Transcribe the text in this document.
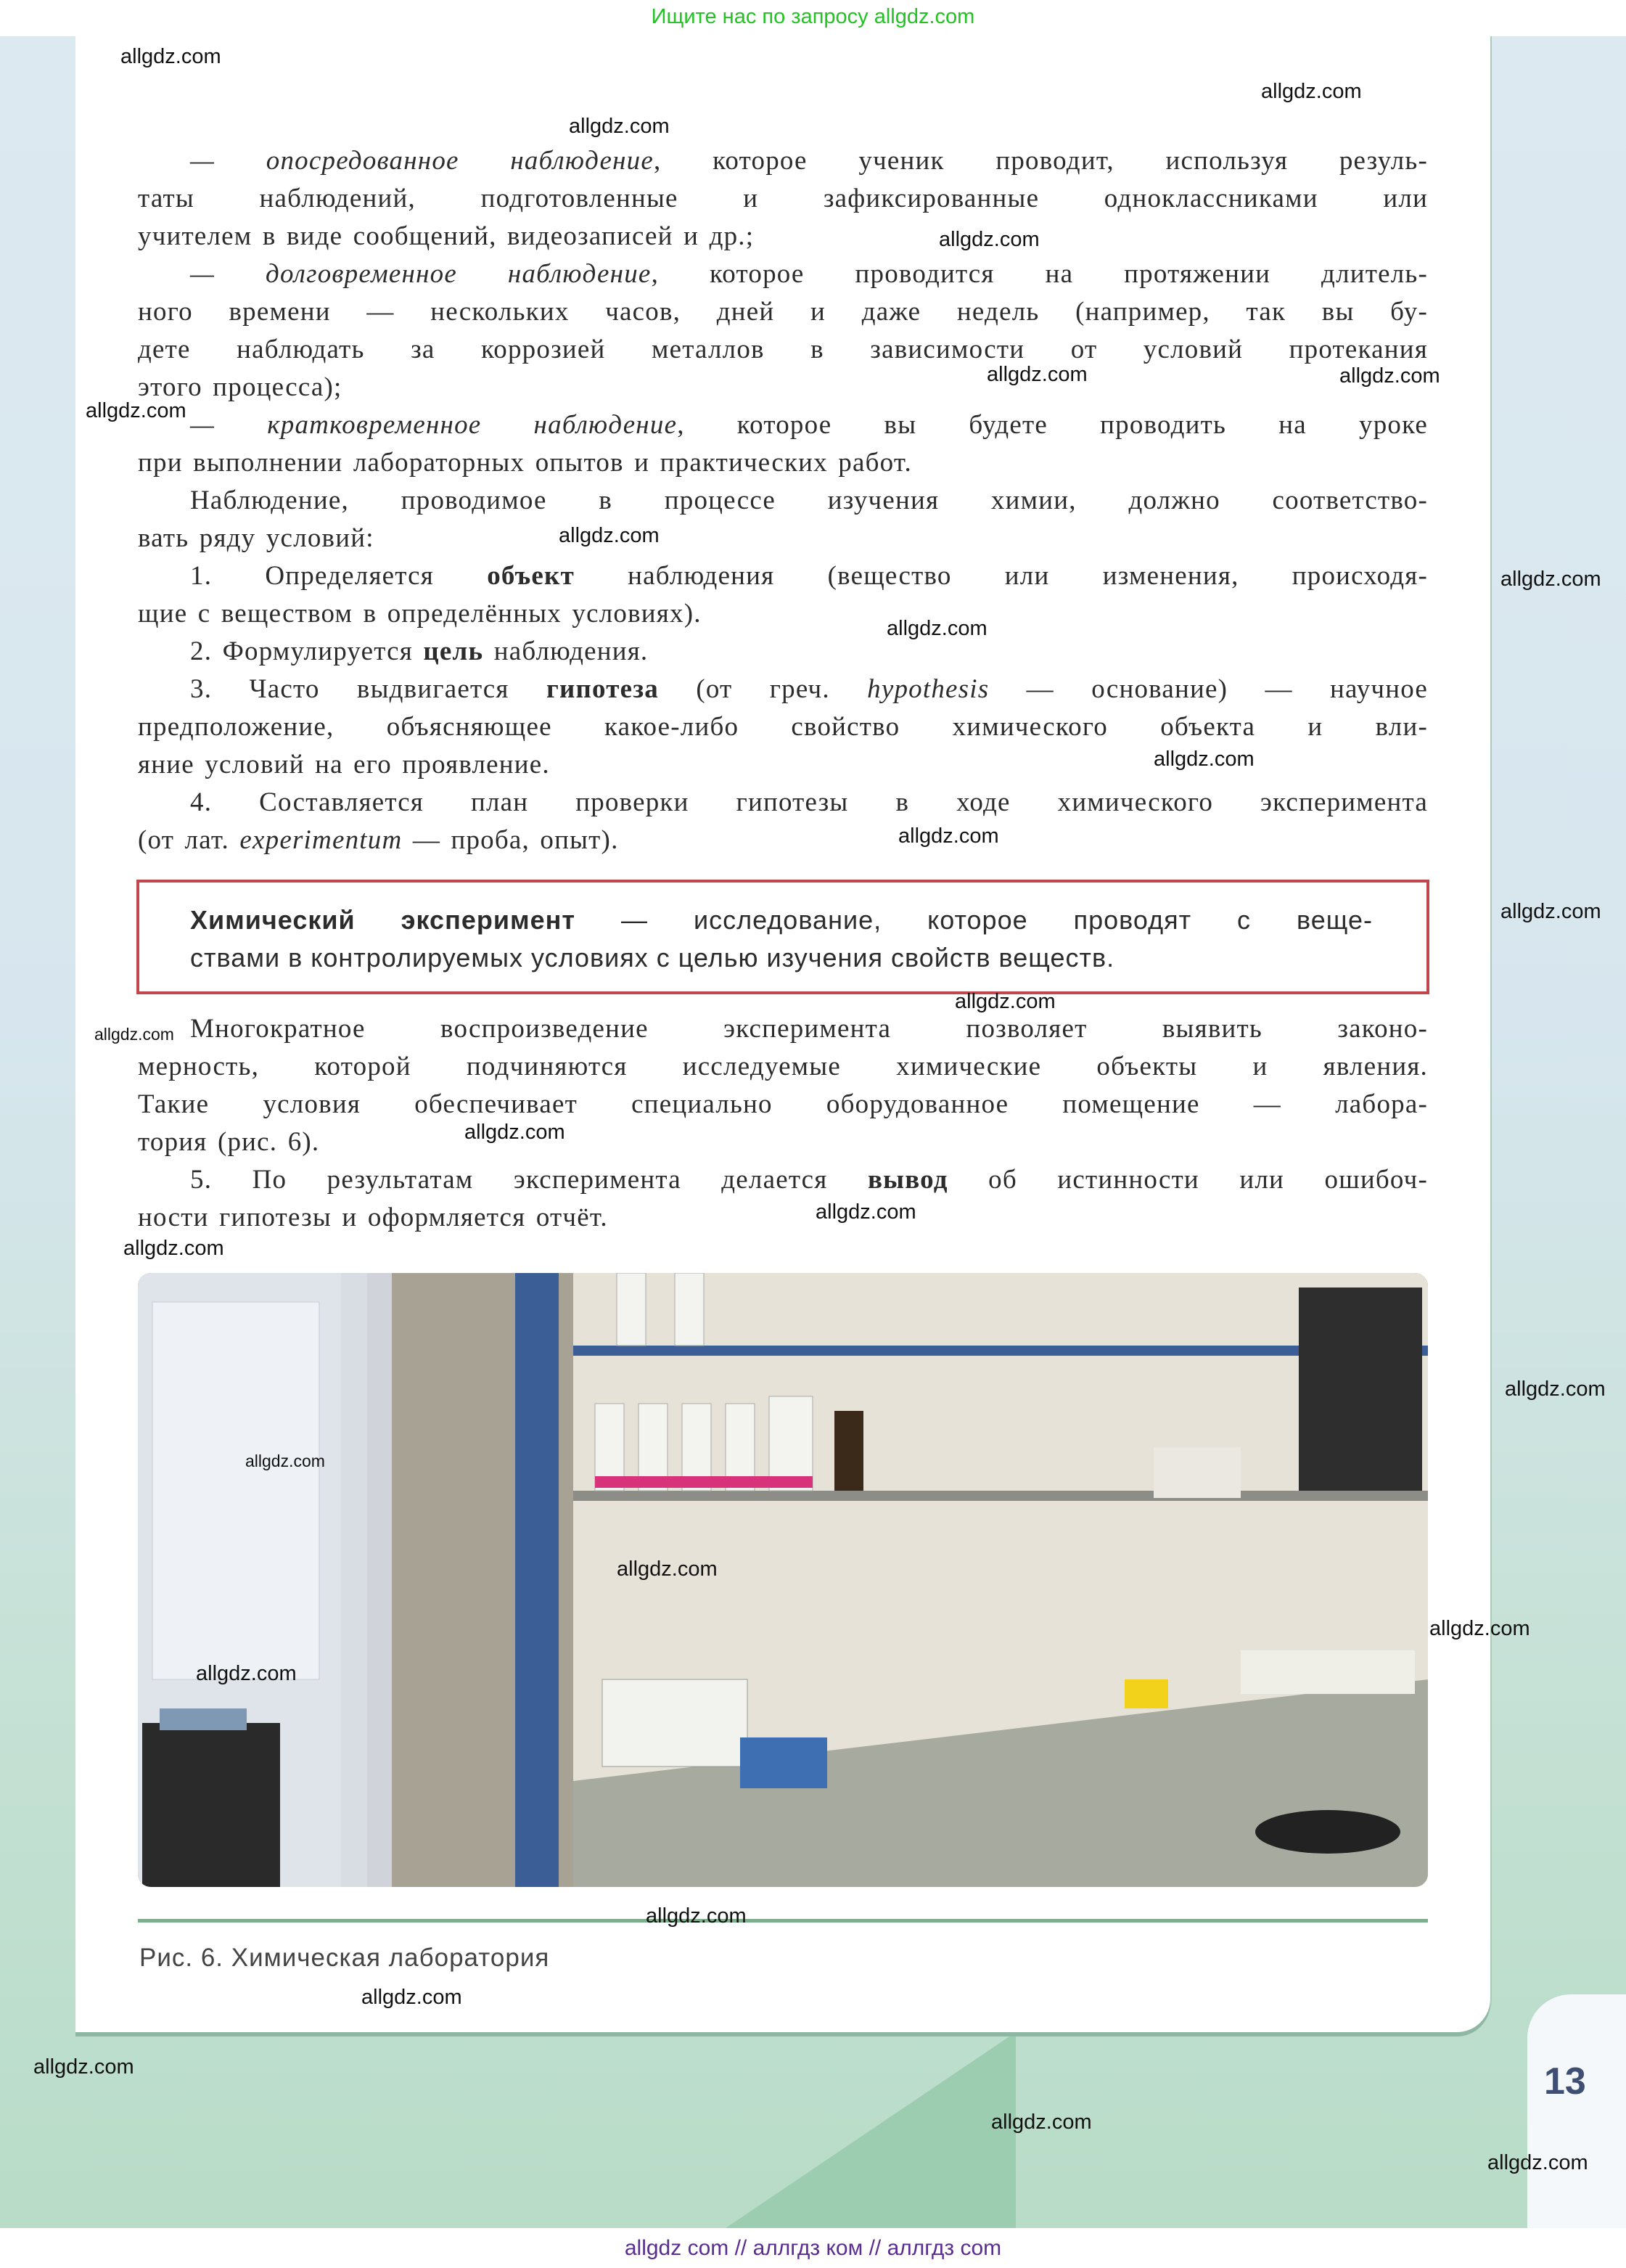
Ищите нас по запросу allgdz.com
13
Рис. 6. Химическая лаборатория
allgdz com // аллгдз ком // аллгдз com
— опосредованное наблюдение, которое ученик проводит, используя резуль-
таты наблюдений, подготовленные и зафиксированные одноклассниками или
учителем в виде сообщений, видеозаписей и др.;
— долговременное наблюдение, которое проводится на протяжении длитель-
ного времени — нескольких часов, дней и даже недель (например, так вы бу-
дете наблюдать за коррозией металлов в зависимости от условий протекания
этого процесса);
— кратковременное наблюдение, которое вы будете проводить на уроке
при выполнении лабораторных опытов и практических работ.
Наблюдение, проводимое в процессе изучения химии, должно соответство-
вать ряду условий:
1. Определяется объект наблюдения (вещество или изменения, происходя-
щие с веществом в определённых условиях).
2. Формулируется цель наблюдения.
3. Часто выдвигается гипотеза (от греч. hypothesis — основание) — научное
предположение, объясняющее какое-либо свойство химического объекта и вли-
яние условий на его проявление.
4. Составляется план проверки гипотезы в ходе химического эксперимента
(от лат. experimentum — проба, опыт).
Химический эксперимент — исследование, которое проводят с веще-
ствами в контролируемых условиях с целью изучения свойств веществ.
Многократное воспроизведение эксперимента позволяет выявить законо-
мерность, которой подчиняются исследуемые химические объекты и явления.
Такие условия обеспечивает специально оборудованное помещение — лабора-
тория (рис. 6).
5. По результатам эксперимента делается вывод об истинности или ошибоч-
ности гипотезы и оформляется отчёт.
allgdz.com
allgdz.com
allgdz.com
allgdz.com
allgdz.com
allgdz.com
allgdz.com
allgdz.com
allgdz.com
allgdz.com
allgdz.com
allgdz.com
allgdz.com
allgdz.com
allgdz.com
allgdz.com
allgdz.com
allgdz.com
allgdz.com
allgdz.com
allgdz.com
allgdz.com
allgdz.com
allgdz.com
allgdz.com
allgdz.com
allgdz.com
allgdz.com
